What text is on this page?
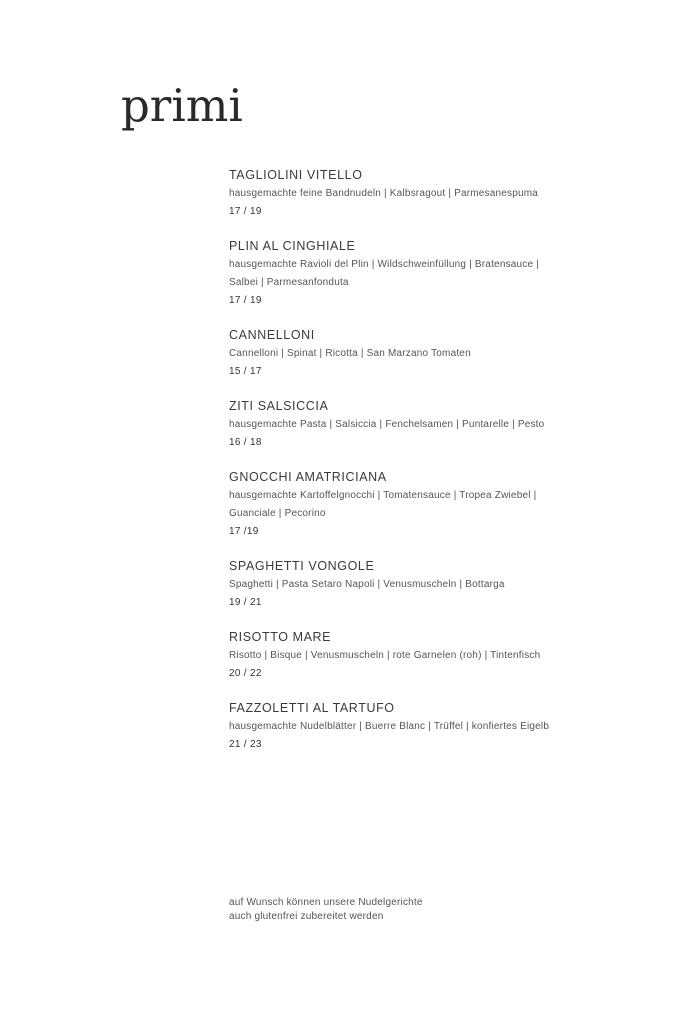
primi
TAGLIOLINI VITELLO
hausgemachte feine Bandnudeln | Kalbsragout | Parmesanespuma
17 / 19
PLIN AL CINGHIALE
hausgemachte Ravioli del Plin | Wildschweinfüllung | Bratensauce |
Salbei | Parmesanfonduta
17 / 19
CANNELLONI
Cannelloni | Spinat | Ricotta | San Marzano Tomaten
15 / 17
ZITI SALSICCIA
hausgemachte Pasta | Salsiccia | Fenchelsamen | Puntarelle | Pesto
16 / 18
GNOCCHI AMATRICIANA
hausgemachte Kartoffelgnocchi | Tomatensauce | Tropea Zwiebel |
Guanciale | Pecorino
17 /19
SPAGHETTI VONGOLE
Spaghetti | Pasta Setaro Napoli | Venusmuscheln | Bottarga
19 / 21
RISOTTO MARE
Risotto | Bisque | Venusmuscheln | rote Garnelen (roh) | Tintenfisch
20 / 22
FAZZOLETTI AL TARTUFO
hausgemachte Nudelblätter | Buerre Blanc | Trüffel | konfiertes Eigelb
21 / 23
auf Wunsch können unsere Nudelgerichte
auch glutenfrei zubereitet werden
